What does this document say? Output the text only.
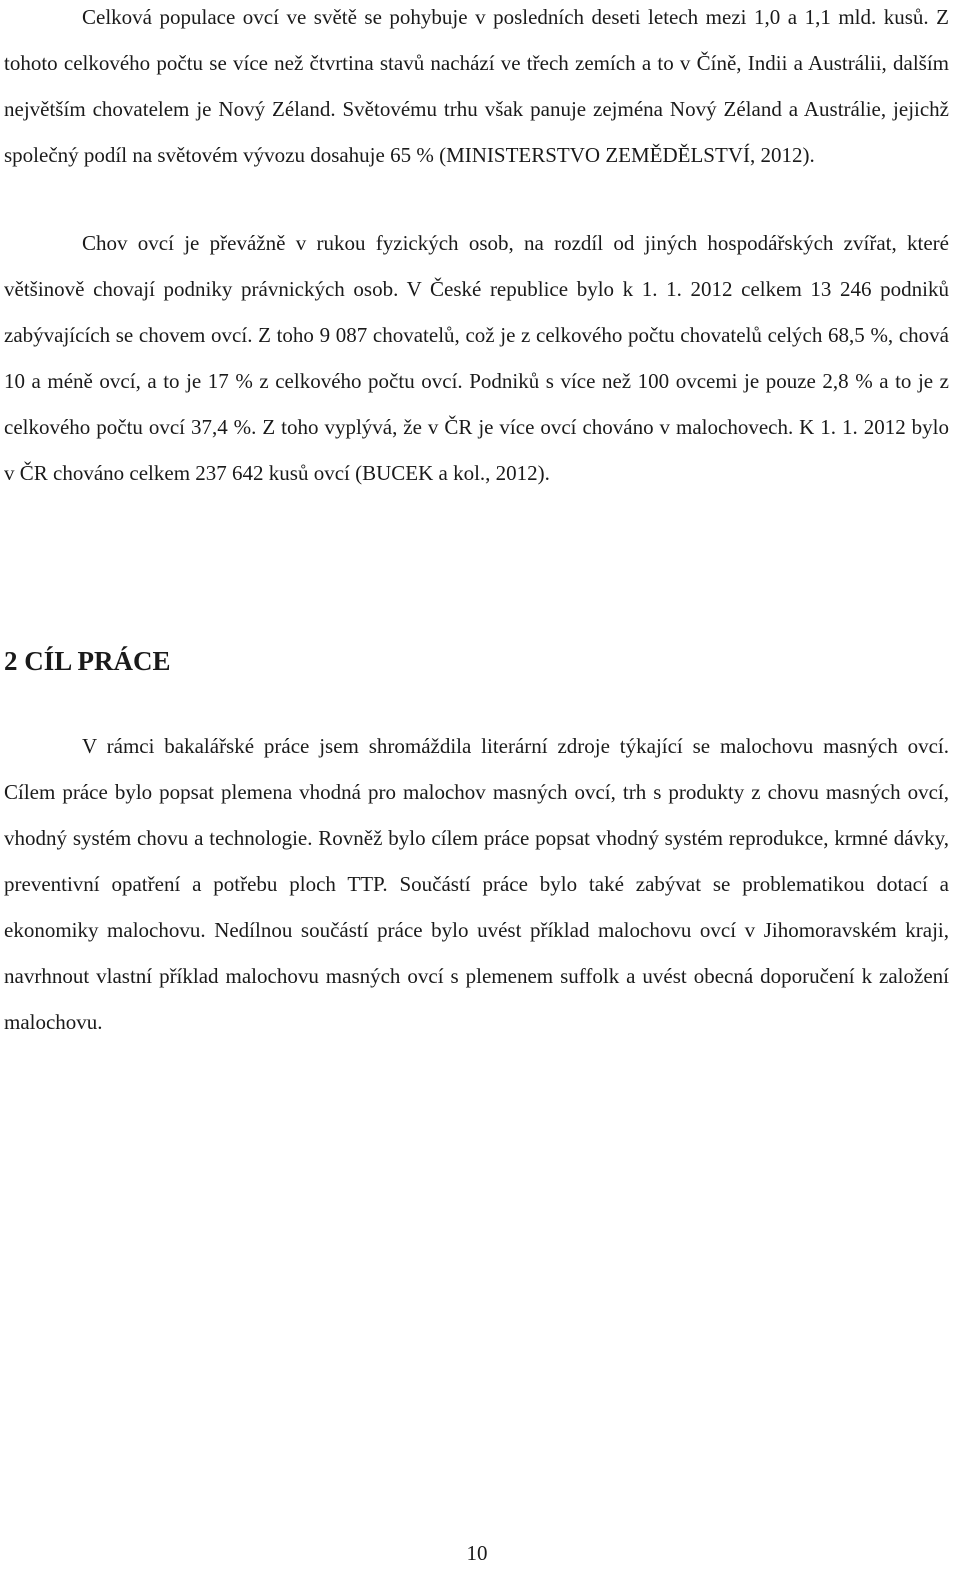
Celková populace ovcí ve světě se pohybuje v posledních deseti letech mezi 1,0 a 1,1 mld. kusů. Z tohoto celkového počtu se více než čtvrtina stavů nachází ve třech zemích a to v Číně, Indii a Austrálii, dalším největším chovatelem je Nový Zéland. Světovému trhu však panuje zejména Nový Zéland a Austrálie, jejichž společný podíl na světovém vývozu dosahuje 65 % (MINISTERSTVO ZEMĚDĚLSTVÍ, 2012).

Chov ovcí je převážně v rukou fyzických osob, na rozdíl od jiných hospodářských zvířat, které většinově chovají podniky právnických osob. V České republice bylo k 1. 1. 2012 celkem 13 246 podniků zabývajících se chovem ovcí. Z toho 9 087 chovatelů, což je z celkového počtu chovatelů celých 68,5 %, chová 10 a méně ovcí, a to je 17 % z celkového počtu ovcí. Podniků s více než 100 ovcemi je pouze 2,8 % a to je z celkového počtu ovcí 37,4 %. Z toho vyplývá, že v ČR je více ovcí chováno v malochovech. K 1. 1. 2012 bylo v ČR chováno celkem 237 642 kusů ovcí (BUCEK a kol., 2012).

2 CÍL PRÁCE

V rámci bakalářské práce jsem shromáždila literární zdroje týkající se malochovu masných ovcí. Cílem práce bylo popsat plemena vhodná pro malochov masných ovcí, trh s produkty z chovu masných ovcí, vhodný systém chovu a technologie. Rovněž bylo cílem práce popsat vhodný systém reprodukce, krmné dávky, preventivní opatření a potřebu ploch TTP. Součástí práce bylo také zabývat se problematikou dotací a ekonomiky malochovu. Nedílnou součástí práce bylo uvést příklad malochovu ovcí v Jihomoravském kraji, navrhnout vlastní příklad malochovu masných ovcí s plemenem suffolk a uvést obecná doporučení k založení malochovu.

10
